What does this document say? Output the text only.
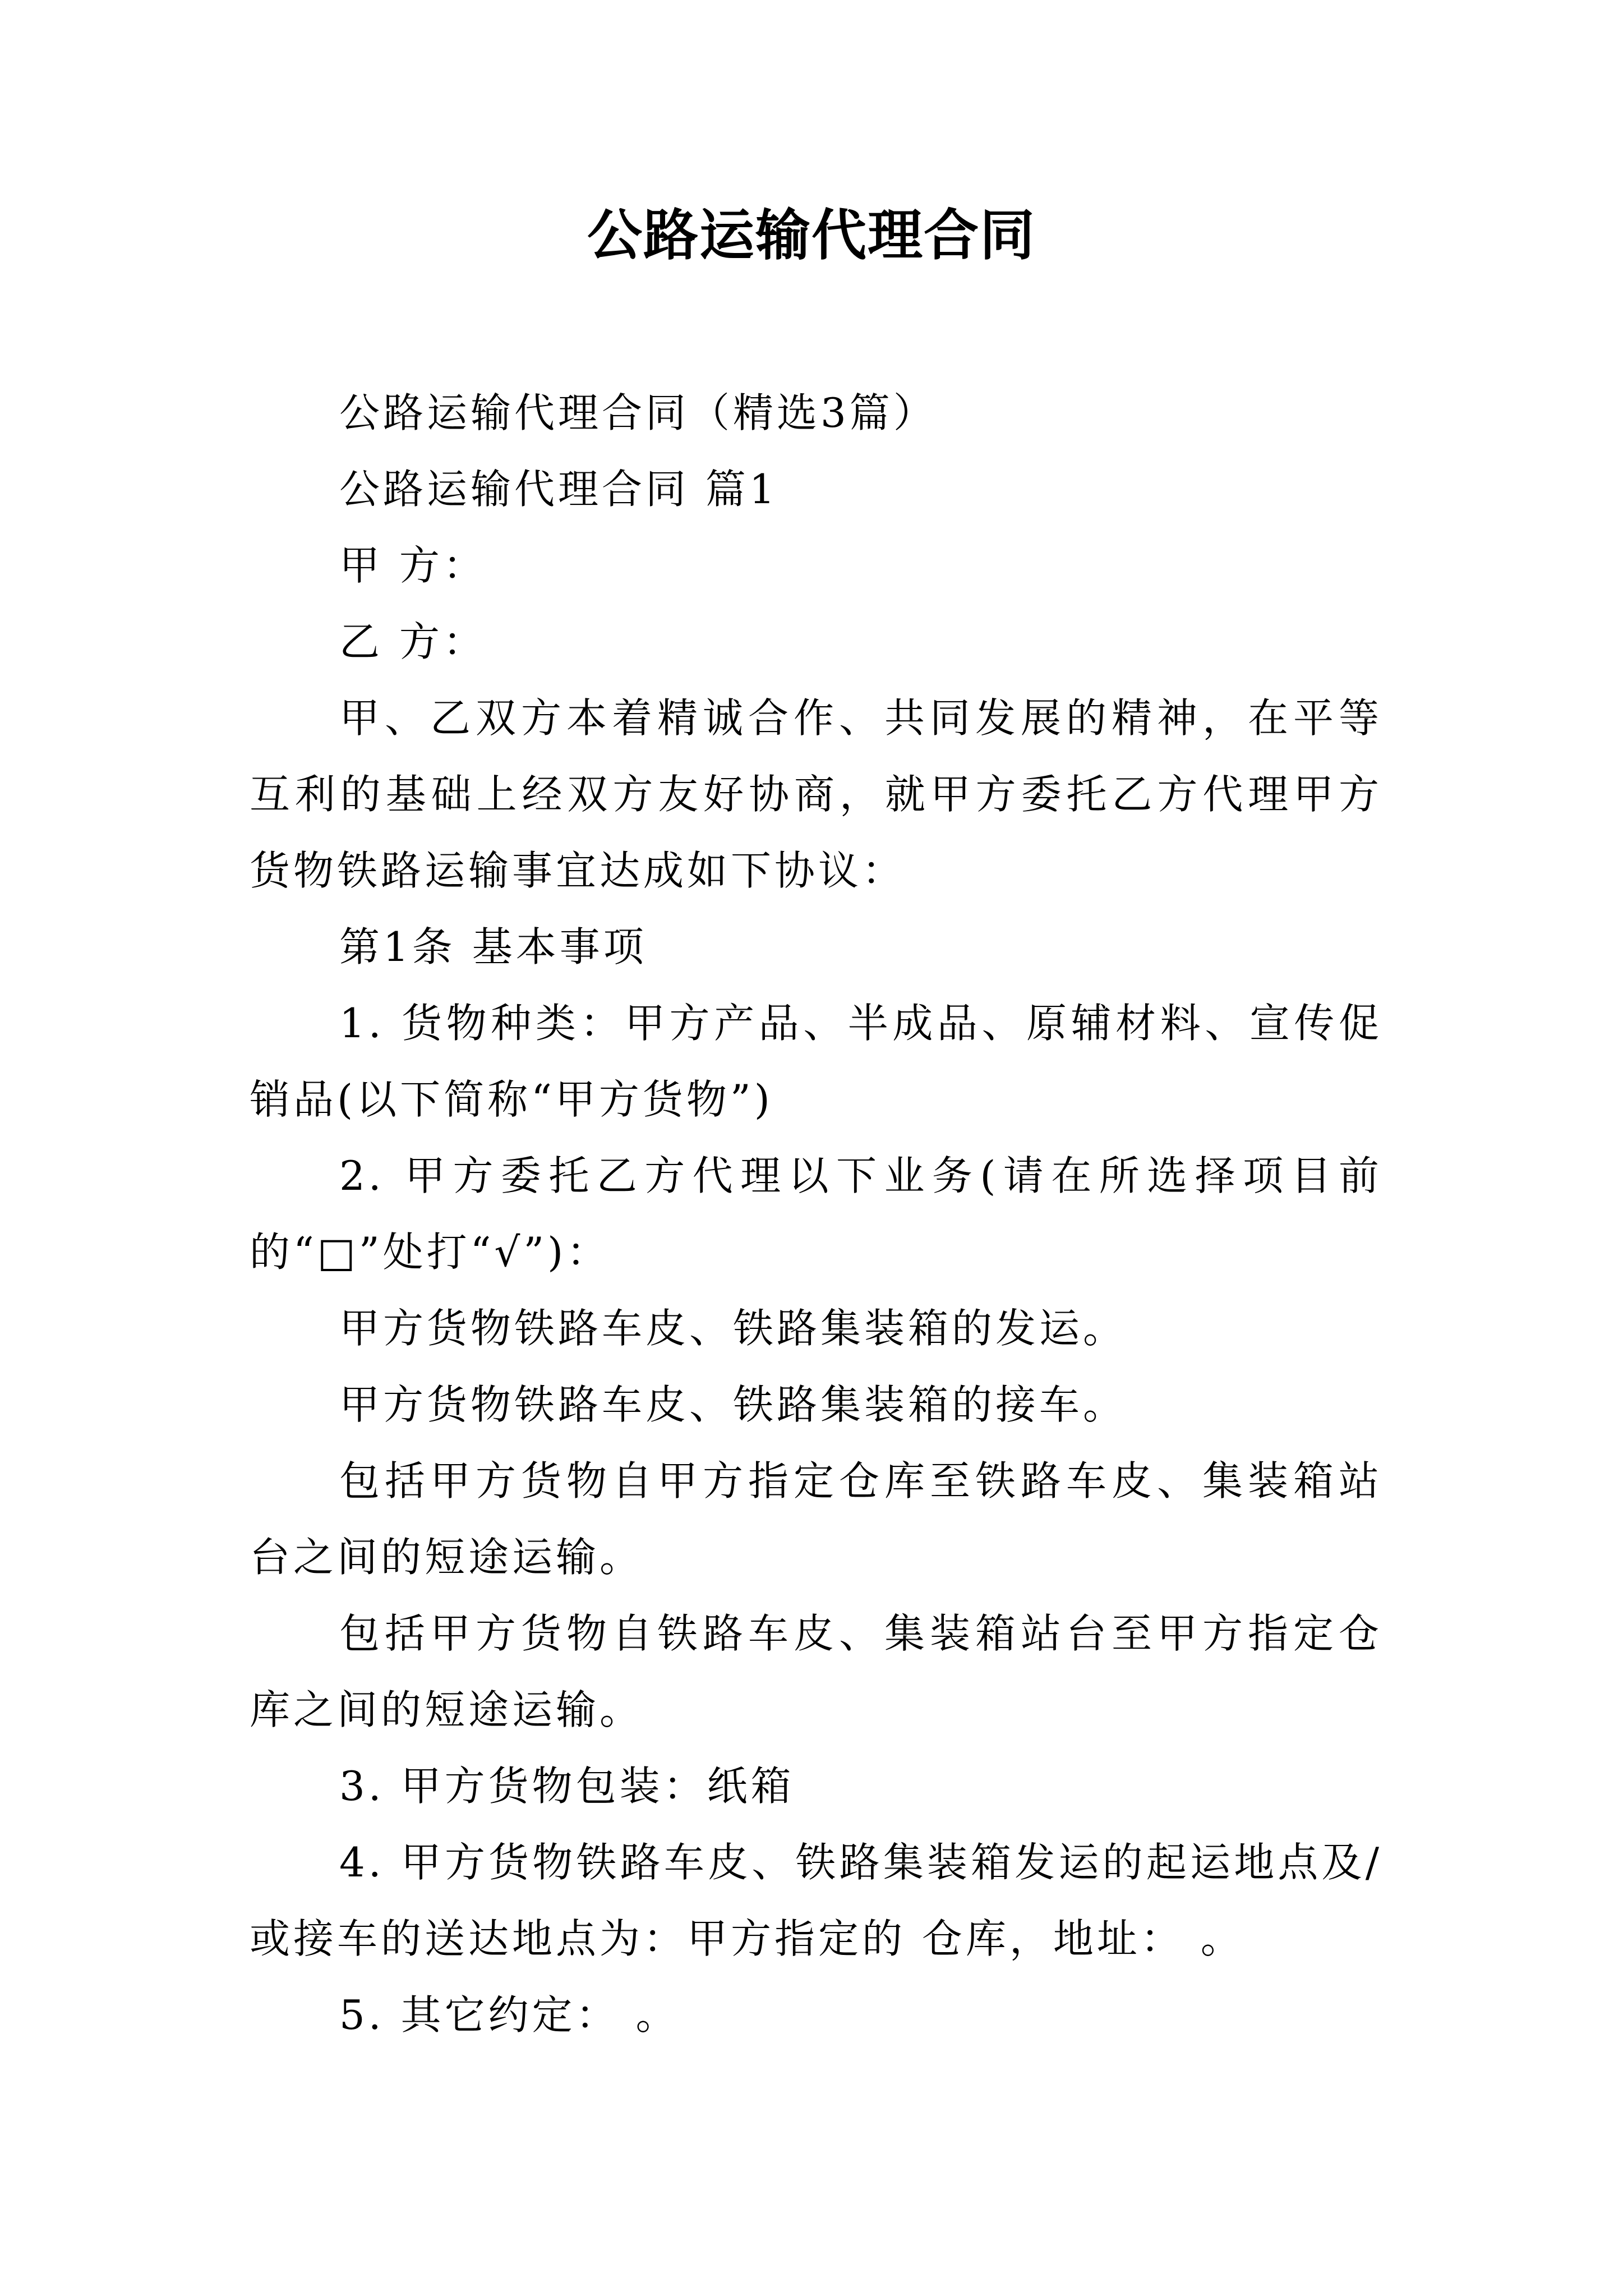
公路运输代理合同

公路运输代理合同（精选3篇）

公路运输代理合同 篇1

甲 方：

乙 方：

甲、乙双方本着精诚合作、共同发展的精神，在平等互利的基础上经双方友好协商，就甲方委托乙方代理甲方货物铁路运输事宜达成如下协议：

第1条 基本事项

1. 货物种类：甲方产品、半成品、原辅材料、宣传促销品(以下简称“甲方货物”)

2. 甲方委托乙方代理以下业务(请在所选择项目前的“□”处打“√”)：

甲方货物铁路车皮、铁路集装箱的发运。

甲方货物铁路车皮、铁路集装箱的接车。

包括甲方货物自甲方指定仓库至铁路车皮、集装箱站台之间的短途运输。

包括甲方货物自铁路车皮、集装箱站台至甲方指定仓库之间的短途运输。

3. 甲方货物包装：纸箱

4. 甲方货物铁路车皮、铁路集装箱发运的起运地点及/或接车的送达地点为：甲方指定的 仓库，地址： 。

5. 其它约定： 。
